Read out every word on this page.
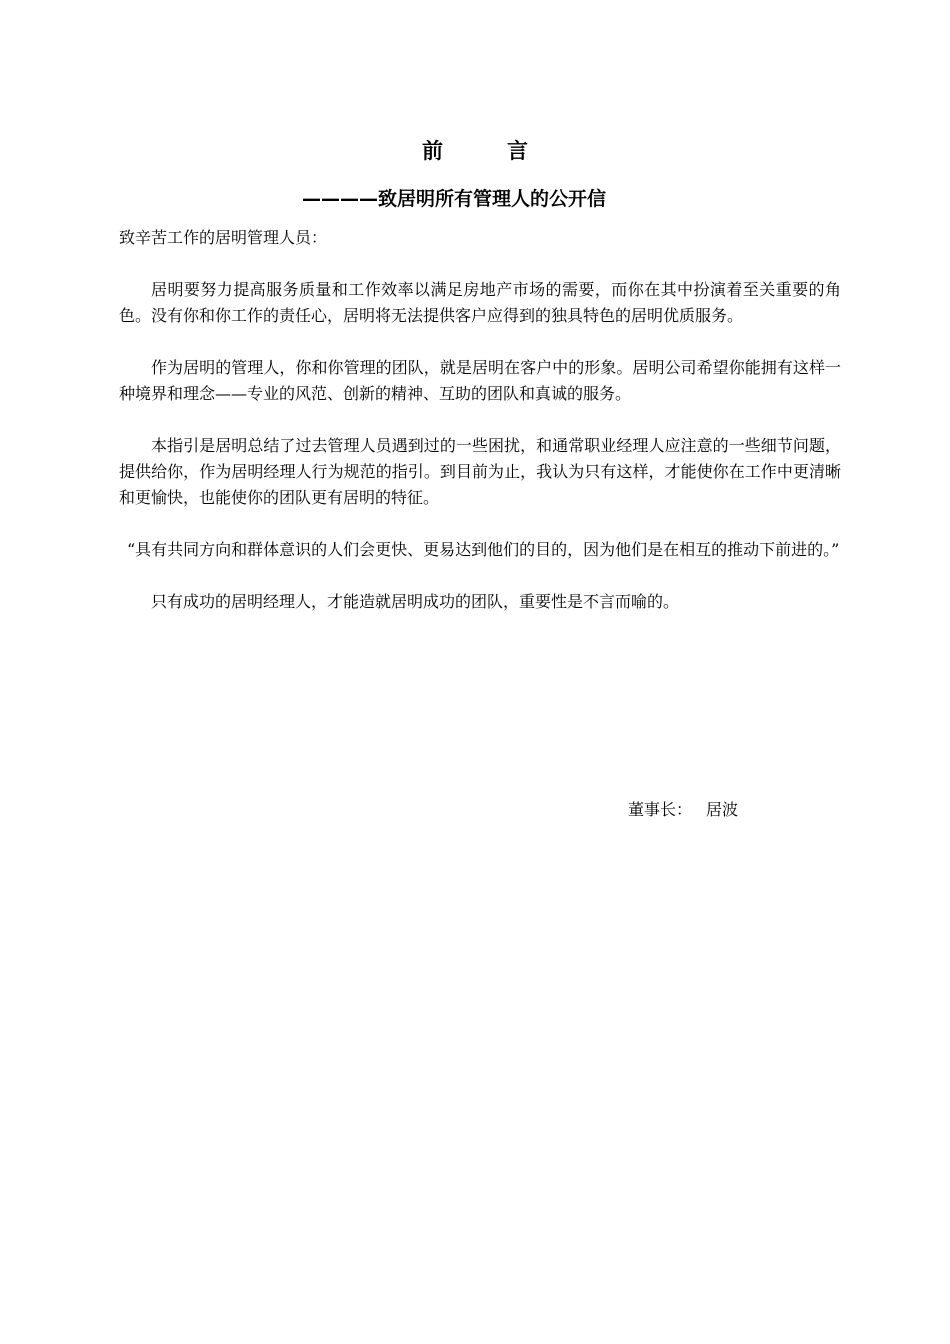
前	言
————致居明所有管理人的公开信

致辛苦工作的居明管理人员：

居明要努力提高服务质量和工作效率以满足房地产市场的需要，而你在其中扮演着至关重要的角色。没有你和你工作的责任心，居明将无法提供客户应得到的独具特色的居明优质服务。

作为居明的管理人，你和你管理的团队，就是居明在客户中的形象。居明公司希望你能拥有这样一种境界和理念——专业的风范、创新的精神、互助的团队和真诚的服务。

本指引是居明总结了过去管理人员遇到过的一些困扰，和通常职业经理人应注意的一些细节问题，提供给你，作为居明经理人行为规范的指引。到目前为止，我认为只有这样，才能使你在工作中更清晰和更愉快，也能使你的团队更有居明的特征。

“具有共同方向和群体意识的人们会更快、更易达到他们的目的，因为他们是在相互的推动下前进的。”

只有成功的居明经理人，才能造就居明成功的团队，重要性是不言而喻的。

董事长： 居波
